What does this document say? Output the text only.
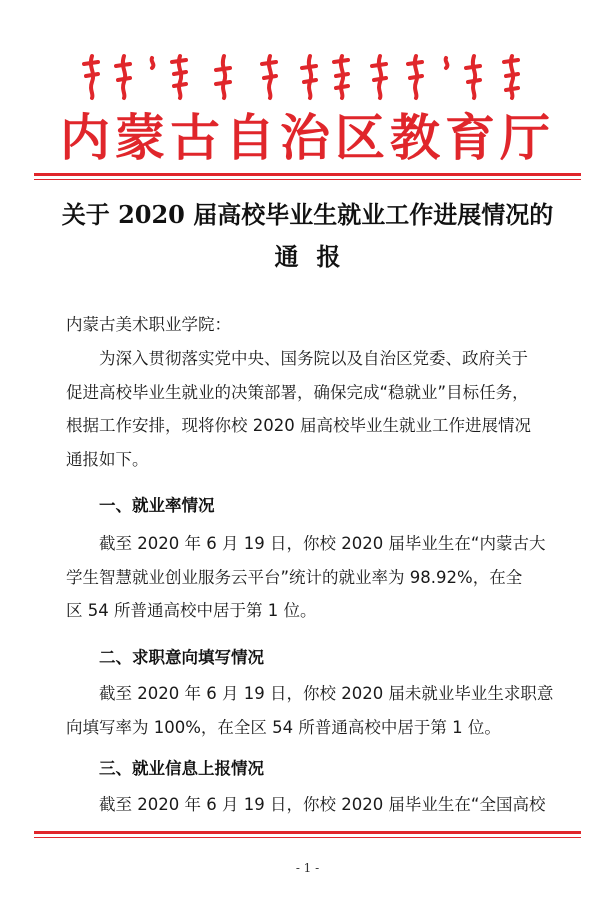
内蒙古自治区教育厅
关于 2020 届高校毕业生就业工作进展情况的
通报
内蒙古美术职业学院：
为深入贯彻落实党中央、国务院以及自治区党委、政府关于
促进高校毕业生就业的决策部署，确保完成“稳就业”目标任务，
根据工作安排，现将你校 2020 届高校毕业生就业工作进展情况
通报如下。
一、就业率情况
截至 2020 年 6 月 19 日，你校 2020 届毕业生在“内蒙古大
学生智慧就业创业服务云平台”统计的就业率为 98.92%，在全
区 54 所普通高校中居于第 1 位。
二、求职意向填写情况
截至 2020 年 6 月 19 日，你校 2020 届未就业毕业生求职意
向填写率为 100%，在全区 54 所普通高校中居于第 1 位。
三、就业信息上报情况
截至 2020 年 6 月 19 日，你校 2020 届毕业生在“全国高校
- 1 -
